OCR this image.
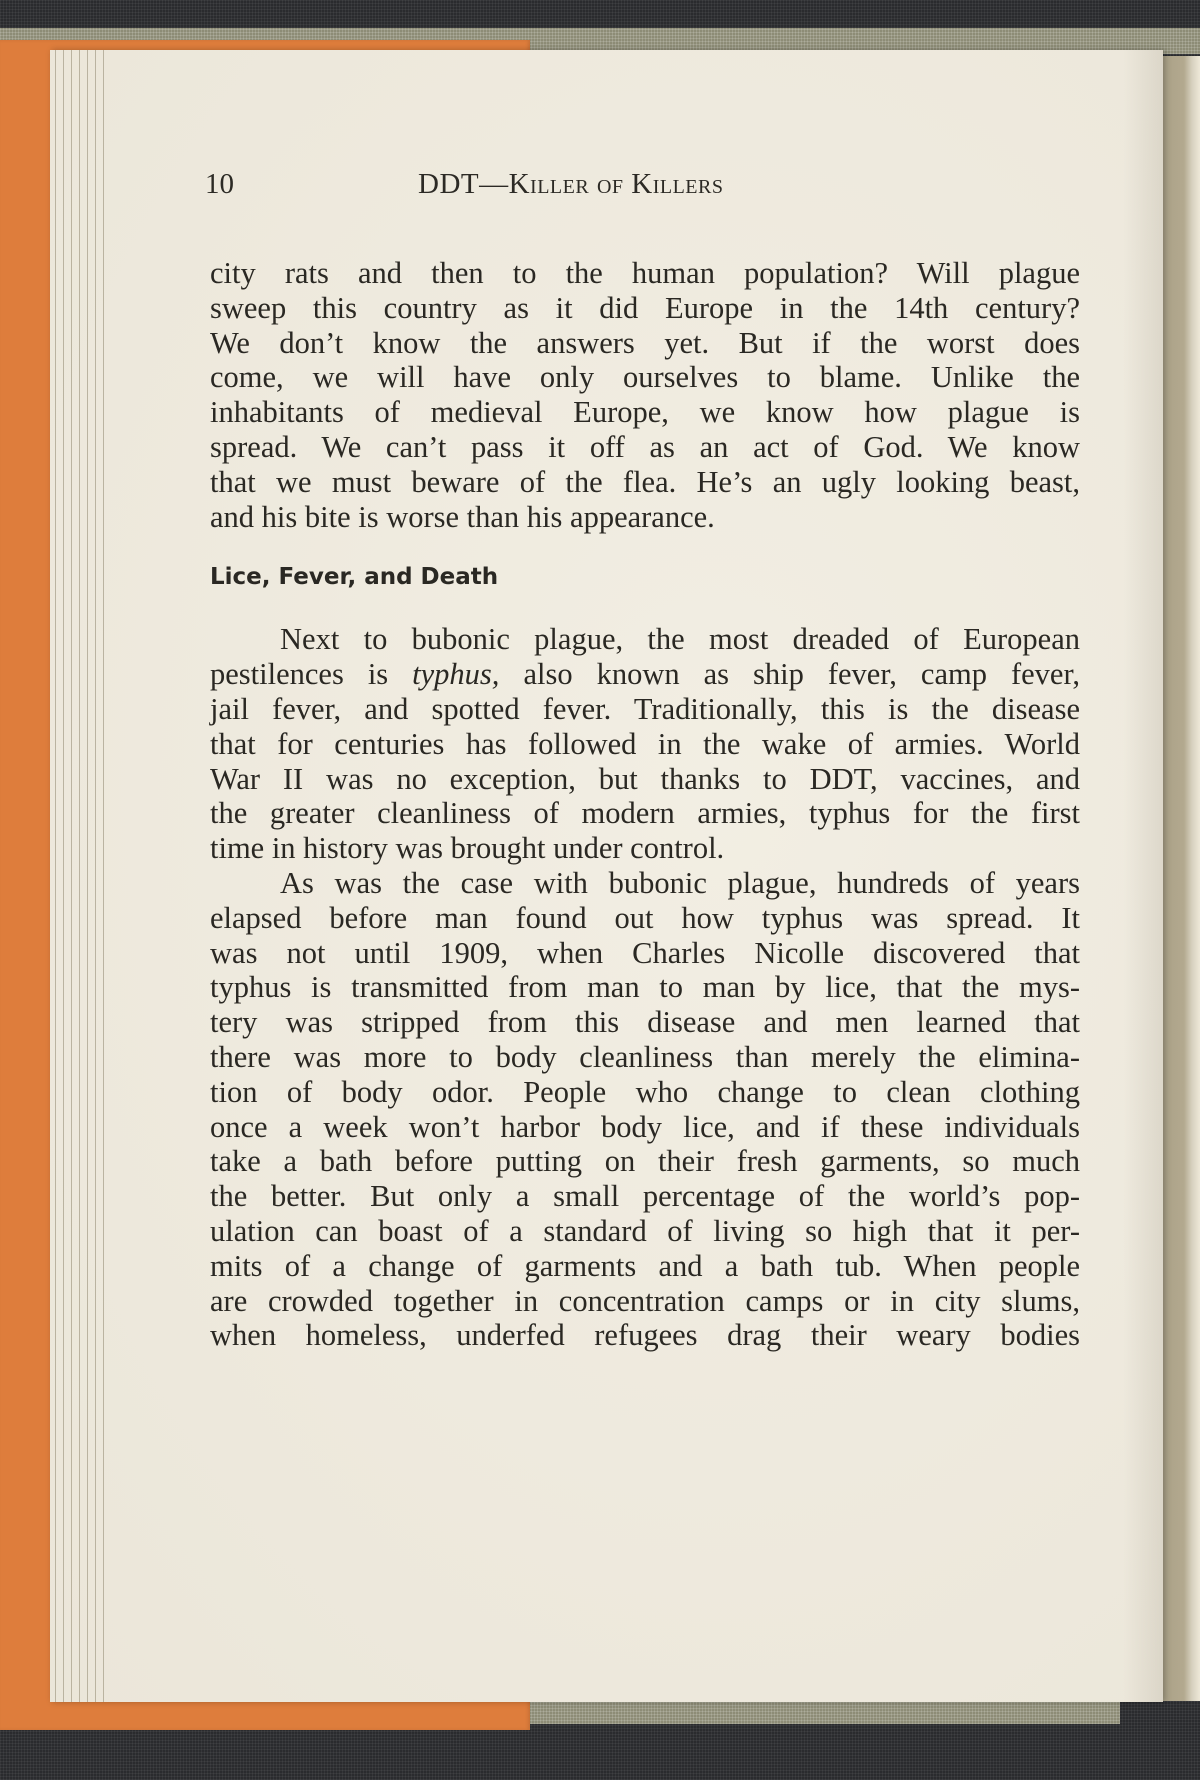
10	DDT—Killer of Killers
city rats and then to the human population? Will plague
sweep this country as it did Europe in the 14th century?
We don’t know the answers yet. But if the worst does
come, we will have only ourselves to blame. Unlike the
inhabitants of medieval Europe, we know how plague is
spread. We can’t pass it off as an act of God. We know
that we must beware of the flea. He’s an ugly looking beast,
and his bite is worse than his appearance.
Lice, Fever, and Death
Next to bubonic plague, the most dreaded of European
pestilences is typhus, also known as ship fever, camp fever,
jail fever, and spotted fever. Traditionally, this is the disease
that for centuries has followed in the wake of armies. World
War II was no exception, but thanks to DDT, vaccines, and
the greater cleanliness of modern armies, typhus for the first
time in history was brought under control.
As was the case with bubonic plague, hundreds of years
elapsed before man found out how typhus was spread. It
was not until 1909, when Charles Nicolle discovered that
typhus is transmitted from man to man by lice, that the mys-
tery was stripped from this disease and men learned that
there was more to body cleanliness than merely the elimina-
tion of body odor. People who change to clean clothing
once a week won’t harbor body lice, and if these individuals
take a bath before putting on their fresh garments, so much
the better. But only a small percentage of the world’s pop-
ulation can boast of a standard of living so high that it per-
mits of a change of garments and a bath tub. When people
are crowded together in concentration camps or in city slums,
when homeless, underfed refugees drag their weary bodies
